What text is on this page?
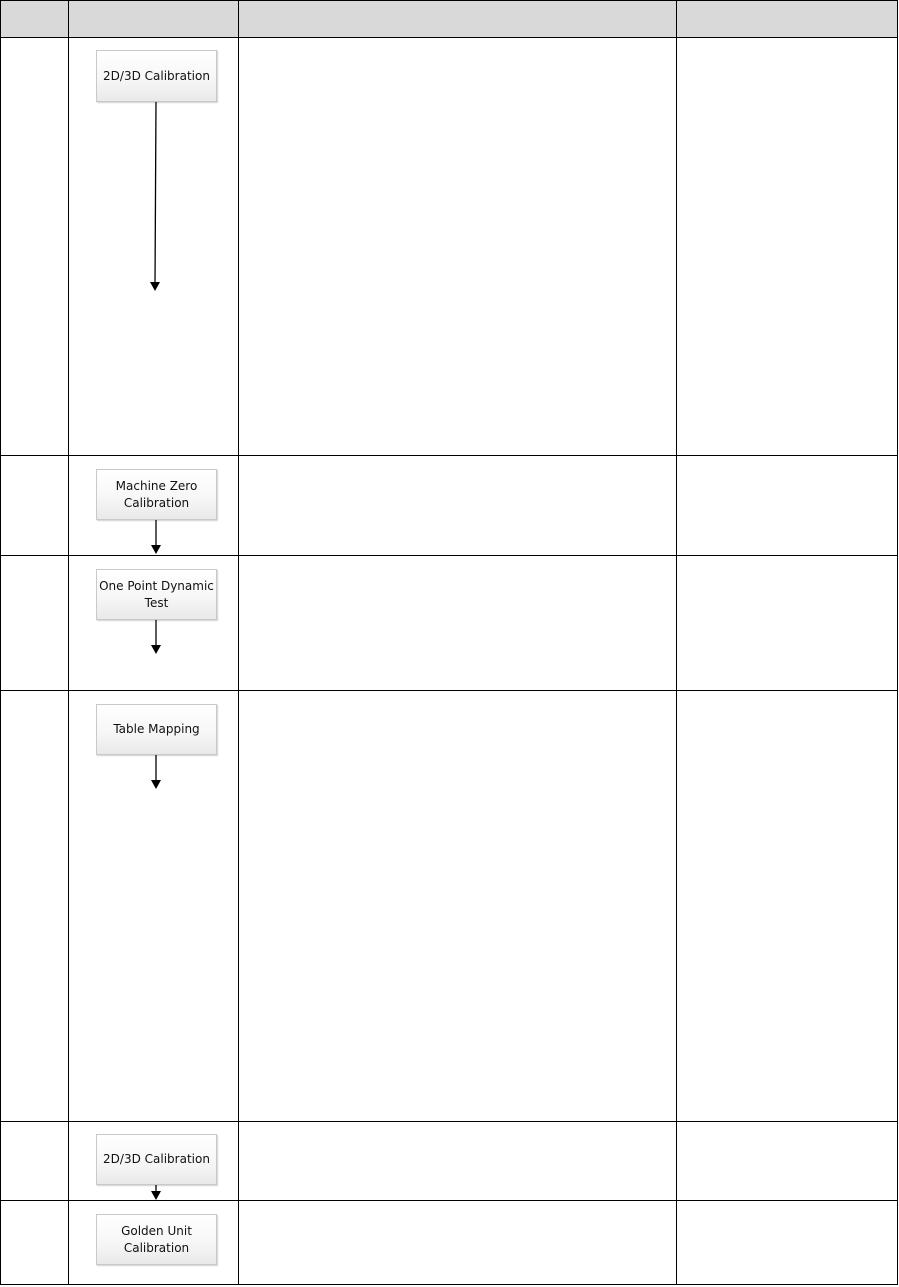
2D/3D Calibration
Machine Zero Calibration
One Point Dynamic Test
Table Mapping
2D/3D Calibration
Golden Unit Calibration
